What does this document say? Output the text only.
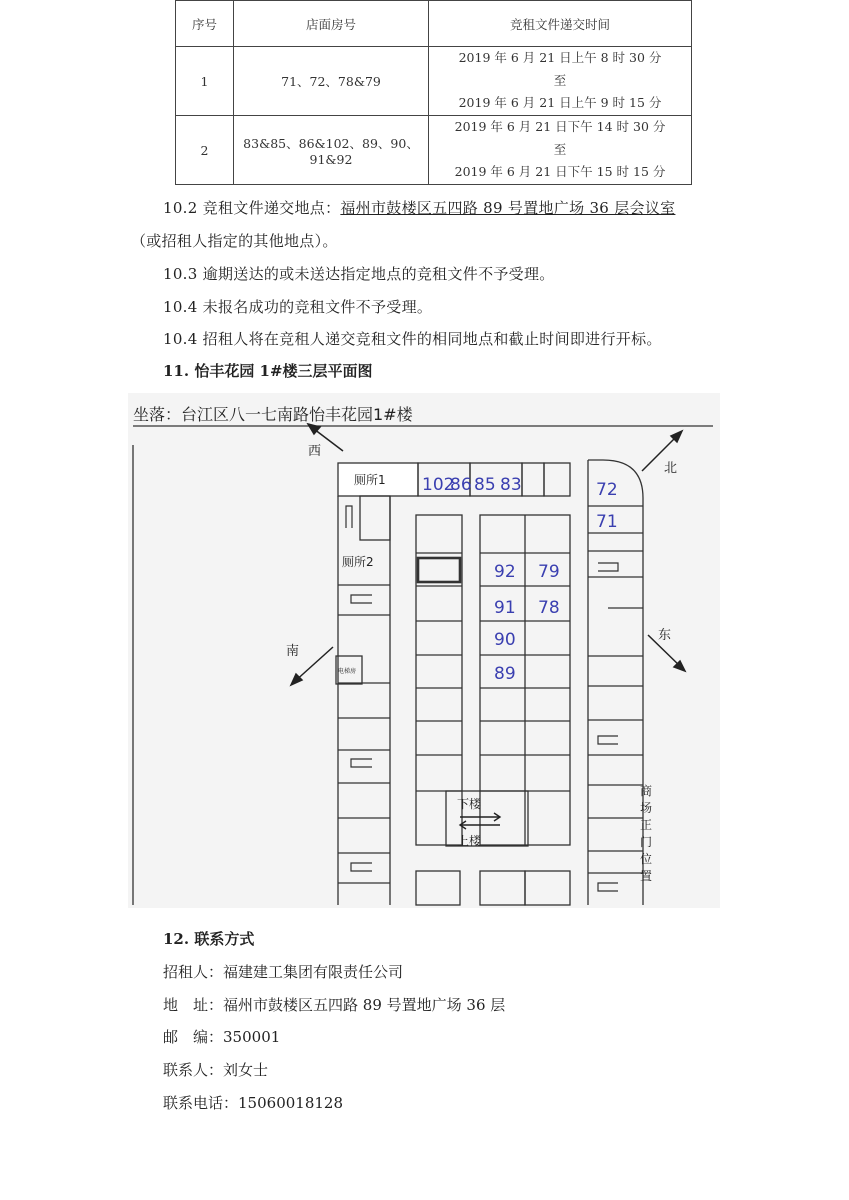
序号	店面房号	竞租文件递交时间
1	71、72、78&79	2019 年 6 月 21 日上午 8 时 30 分
至
2019 年 6 月 21 日上午 9 时 15 分

2	83&85、86&102、89、90、91&92	2019 年 6 月 21 日下午 14 时 30 分
至
2019 年 6 月 21 日下午 15 时 15 分
10.2 竞租文件递交地点：福州市鼓楼区五四路 89 号置地广场 36 层会议室
（或招租人指定的其他地点）。
10.3 逾期送达的或未送达指定地点的竞租文件不予受理。
10.4 未报名成功的竞租文件不予受理。
10.4 招租人将在竞租人递交竞租文件的相同地点和截止时间即进行开标。
11. 怡丰花园 1#楼三层平面图
坐落：台江区八一七南路怡丰花园1#楼
西
北
南
东
厕所1
厕所2
电梯房
下楼
上楼
商
场
正
门
位
置
102
86 85 83	72
71
92 79
91 78
90
89
12. 联系方式
招租人：福建建工集团有限责任公司
地　址：福州市鼓楼区五四路 89 号置地广场 36 层
邮　编：350001
联系人：刘女士
联系电话：15060018128
